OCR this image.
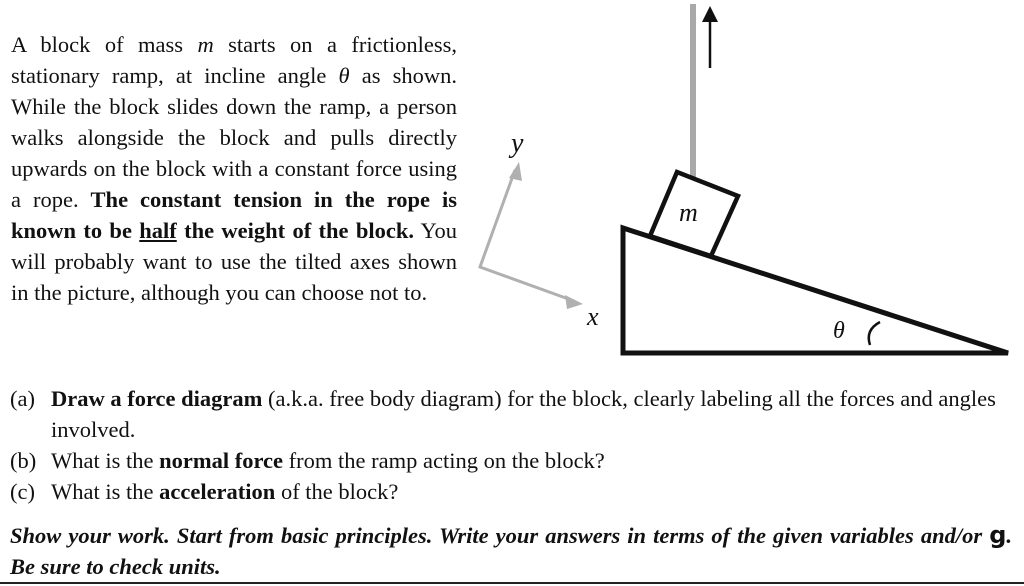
A block of mass m starts on a frictionless, stationary ramp, at incline angle θ as shown. While the block slides down the ramp, a person walks alongside the block and pulls directly upwards on the block with a constant force using a rope. The constant tension in the rope is known to be half the weight of the block. You will probably want to use the tilted axes shown in the picture, although you can choose not to.
m
θ
y
x
(a) Draw a force diagram (a.k.a. free body diagram) for the block, clearly labeling all the forces and angles involved.
(b) What is the normal force from the ramp acting on the block?
(c) What is the acceleration of the block?
Show your work. Start from basic principles. Write your answers in terms of the given variables and/or g. Be sure to check units.
